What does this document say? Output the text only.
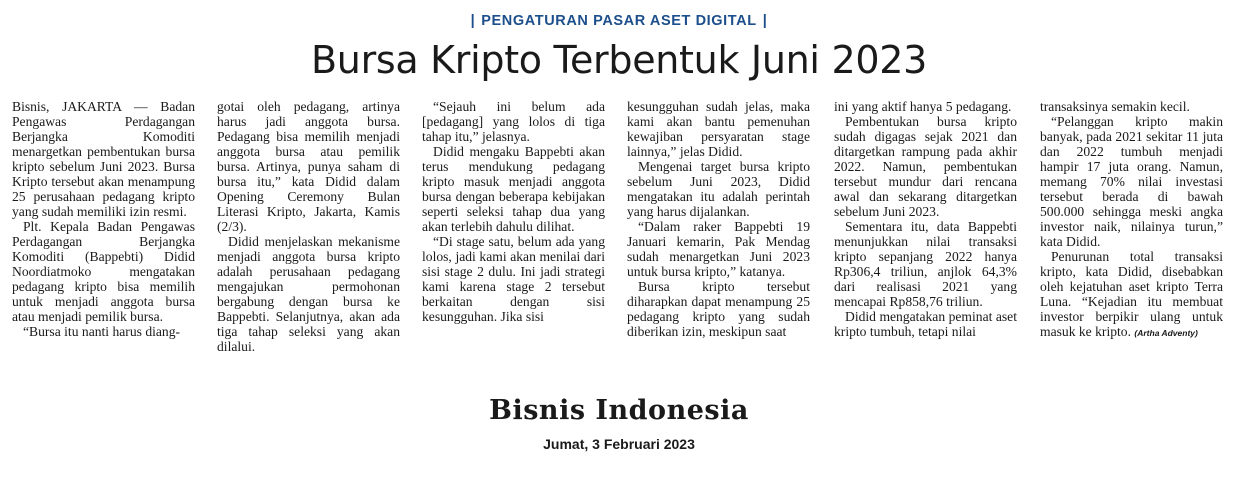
| PENGATURAN PASAR ASET DIGITAL |
Bursa Kripto Terbentuk Juni 2023

Bisnis, JAKARTA — Badan Pengawas Perdagangan Berjangka Komoditi menargetkan pembentukan bursa kripto sebelum Juni 2023. Bursa Kripto tersebut akan menampung 25 perusahaan pedagang kripto yang sudah memiliki izin resmi.

Plt. Kepala Badan Pengawas Perdagangan Berjangka Komoditi (Bappebti) Didid Noordiatmoko mengatakan pedagang kripto bisa memilih untuk menjadi anggota bursa atau menjadi pemilik bursa.

“Bursa itu nanti harus diang-

gotai oleh pedagang, artinya harus jadi anggota bursa. Pedagang bisa memilih menjadi anggota bursa atau pemilik bursa. Artinya, punya saham di bursa itu,” kata Didid dalam Opening Ceremony Bulan Literasi Kripto, Jakarta, Kamis (2/3).

Didid menjelaskan mekanisme menjadi anggota bursa kripto adalah perusahaan pedagang mengajukan permohonan bergabung dengan bursa ke Bappebti. Selanjutnya, akan ada tiga tahap seleksi yang akan dilalui.

“Sejauh ini belum ada [pedagang] yang lolos di tiga tahap itu,” jelasnya.

Didid mengaku Bappebti akan terus mendukung pedagang kripto masuk menjadi anggota bursa dengan beberapa kebijakan seperti seleksi tahap dua yang akan terlebih dahulu dilihat.

“Di stage satu, belum ada yang lolos, jadi kami akan menilai dari sisi stage 2 dulu. Ini jadi strategi kami karena stage 2 tersebut berkaitan dengan sisi kesungguhan. Jika sisi

kesungguhan sudah jelas, maka kami akan bantu pemenuhan kewajiban persyaratan stage lainnya,” jelas Didid.

Mengenai target bursa kripto sebelum Juni 2023, Didid mengatakan itu adalah perintah yang harus dijalankan.

“Dalam raker Bappebti 19 Januari kemarin, Pak Mendag sudah menargetkan Juni 2023 untuk bursa kripto,” katanya.

Bursa kripto tersebut diharapkan dapat menampung 25 pedagang kripto yang sudah diberikan izin, meskipun saat

ini yang aktif hanya 5 pedagang.

Pembentukan bursa kripto sudah digagas sejak 2021 dan ditargetkan rampung pada akhir 2022. Namun, pembentukan tersebut mundur dari rencana awal dan sekarang ditargetkan sebelum Juni 2023.

Sementara itu, data Bappebti menunjukkan nilai transaksi kripto sepanjang 2022 hanya Rp306,4 triliun, anjlok 64,3% dari realisasi 2021 yang mencapai Rp858,76 triliun.

Didid mengatakan peminat aset kripto tumbuh, tetapi nilai

transaksinya semakin kecil.

“Pelanggan kripto makin banyak, pada 2021 sekitar 11 juta dan 2022 tumbuh menjadi hampir 17 juta orang. Namun, memang 70% nilai investasi tersebut berada di bawah 500.000 sehingga meski angka investor naik, nilainya turun,” kata Didid.

Penurunan total transaksi kripto, kata Didid, disebabkan oleh kejatuhan aset kripto Terra Luna. “Kejadian itu membuat investor berpikir ulang untuk masuk ke kripto. (Artha Adventy)

Bisnis Indonesia
Jumat, 3 Februari 2023
